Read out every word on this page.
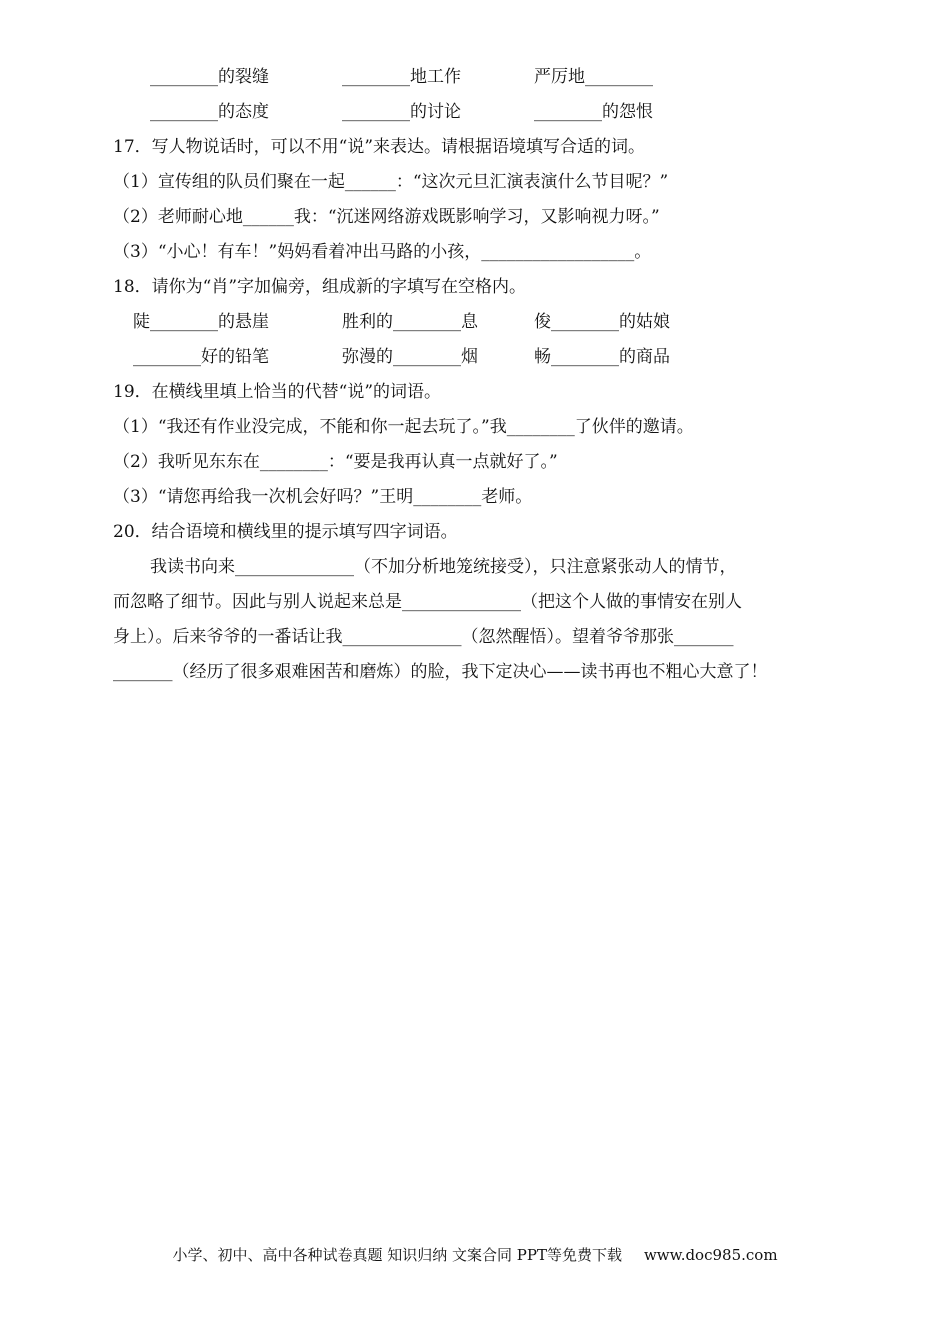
________的裂缝	________地工作	严厉地________
________的态度	________的讨论	________的怨恨
17．写人物说话时，可以不用“说”来表达。请根据语境填写合适的词。
（1）宣传组的队员们聚在一起______：“这次元旦汇演表演什么节目呢？”
（2）老师耐心地______我：“沉迷网络游戏既影响学习，又影响视力呀。”
（3）“小心！有车！”妈妈看着冲出马路的小孩，__________________。
18．请你为“肖”字加偏旁，组成新的字填写在空格内。
陡________的悬崖	胜利的________息	俊________的姑娘
________好的铅笔	弥漫的________烟	畅________的商品
19．在横线里填上恰当的代替“说”的词语。
（1）“我还有作业没完成，不能和你一起去玩了。”我________了伙伴的邀请。
（2）我听见东东在________：“要是我再认真一点就好了。”
（3）“请您再给我一次机会好吗？”王明________老师。
20．结合语境和横线里的提示填写四字词语。
我读书向来______________（不加分析地笼统接受），只注意紧张动人的情节，
而忽略了细节。因此与别人说起来总是______________（把这个人做的事情安在别人
身上）。后来爷爷的一番话让我______________（忽然醒悟）。望着爷爷那张_______
_______（经历了很多艰难困苦和磨炼）的脸，我下定决心——读书再也不粗心大意了！
小学、初中、高中各种试卷真题 知识归纳 文案合同 PPT等免费下载 www.doc985.com
